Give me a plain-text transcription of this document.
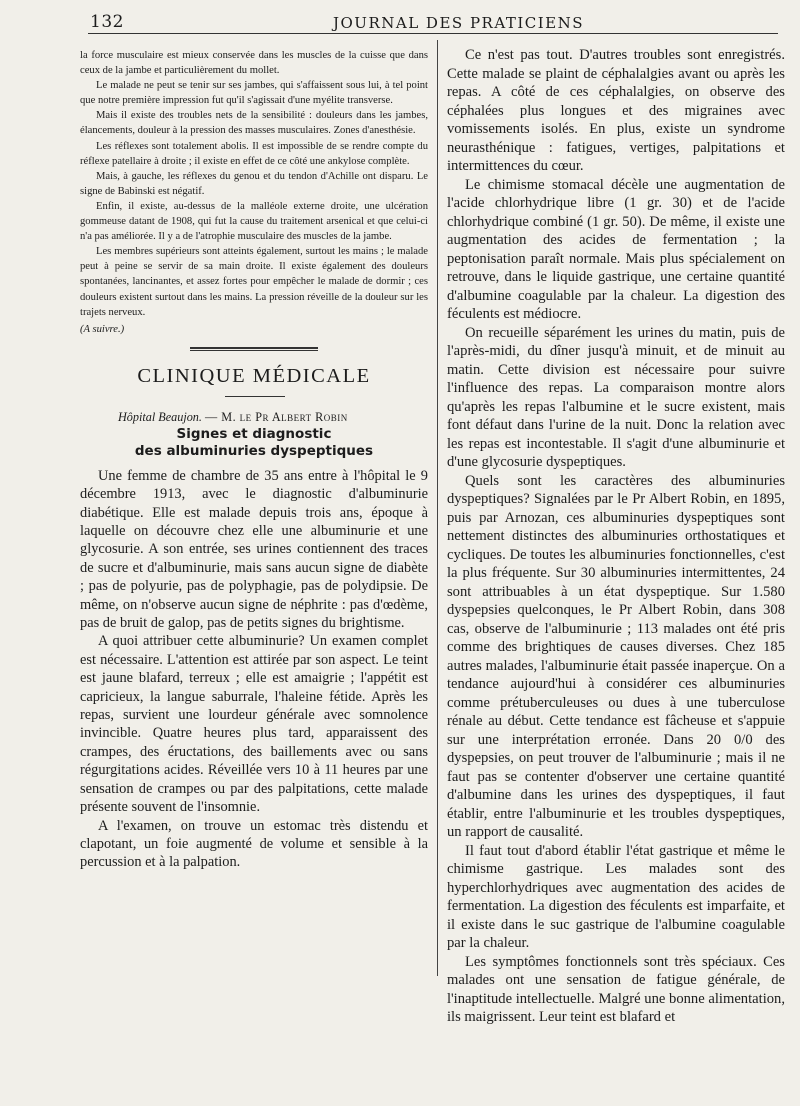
132	JOURNAL DES PRATICIENS

la force musculaire est mieux conservée dans les muscles de la cuisse que dans ceux de la jambe et particulièrement du mollet.

Le malade ne peut se tenir sur ses jambes, qui s'affaissent sous lui, à tel point que notre première impression fut qu'il s'agissait d'une myélite transverse.

Mais il existe des troubles nets de la sensibilité : douleurs dans les jambes, élancements, douleur à la pression des masses musculaires. Zones d'anesthésie.

Les réflexes sont totalement abolis. Il est impossible de se rendre compte du réflexe patellaire à droite ; il existe en effet de ce côté une ankylose complète.

Mais, à gauche, les réflexes du genou et du tendon d'Achille ont disparu. Le signe de Babinski est négatif.

Enfin, il existe, au-dessus de la malléole externe droite, une ulcération gommeuse datant de 1908, qui fut la cause du traitement arsenical et que celui-ci n'a pas améliorée. Il y a de l'atrophie musculaire des muscles de la jambe.

Les membres supérieurs sont atteints également, surtout les mains ; le malade peut à peine se servir de sa main droite. Il existe également des douleurs spontanées, lancinantes, et assez fortes pour empêcher le malade de dormir ; ces douleurs existent surtout dans les mains. La pression réveille de la douleur sur les trajets nerveux.

(A suivre.)

CLINIQUE MÉDICALE
Hôpital Beaujon. — M. le Pr Albert Robin
Signes et diagnostic
des albuminuries dyspeptiques

Une femme de chambre de 35 ans entre à l'hôpital le 9 décembre 1913, avec le diagnostic d'albuminurie diabétique. Elle est malade depuis trois ans, époque à laquelle on découvre chez elle une albuminurie et une glycosurie. A son entrée, ses urines contiennent des traces de sucre et d'albuminurie, mais sans aucun signe de diabète ; pas de polyurie, pas de polyphagie, pas de polydipsie. De même, on n'observe aucun signe de néphrite : pas d'œdème, pas de bruit de galop, pas de petits signes du brightisme.

A quoi attribuer cette albuminurie? Un examen complet est nécessaire. L'attention est attirée par son aspect. Le teint est jaune blafard, terreux ; elle est amaigrie ; l'appétit est capricieux, la langue saburrale, l'haleine fétide. Après les repas, survient une lourdeur générale avec somnolence invincible. Quatre heures plus tard, apparaissent des crampes, des éructations, des baillements avec ou sans régurgitations acides. Réveillée vers 10 à 11 heures par une sensation de crampes ou par des palpitations, cette malade présente souvent de l'insomnie.

A l'examen, on trouve un estomac très distendu et clapotant, un foie augmenté de volume et sensible à la percussion et à la palpation.

Ce n'est pas tout. D'autres troubles sont enregistrés. Cette malade se plaint de céphalalgies avant ou après les repas. A côté de ces céphalalgies, on observe des céphalées plus longues et des migraines avec vomissements isolés. En plus, existe un syndrome neurasthénique : fatigues, vertiges, palpitations et intermittences du cœur.

Le chimisme stomacal décèle une augmentation de l'acide chlorhydrique libre (1 gr. 30) et de l'acide chlorhydrique combiné (1 gr. 50). De même, il existe une augmentation des acides de fermentation ; la peptonisation paraît normale. Mais plus spécialement on retrouve, dans le liquide gastrique, une certaine quantité d'albumine coagulable par la chaleur. La digestion des féculents est médiocre.

On recueille séparément les urines du matin, puis de l'après-midi, du dîner jusqu'à minuit, et de minuit au matin. Cette division est nécessaire pour suivre l'influence des repas. La comparaison montre alors qu'après les repas l'albumine et le sucre existent, mais font défaut dans l'urine de la nuit. Donc la relation avec les repas est incontestable. Il s'agit d'une albuminurie et d'une glycosurie dyspeptiques.

Quels sont les caractères des albuminuries dyspeptiques? Signalées par le Pr Albert Robin, en 1895, puis par Arnozan, ces albuminuries dyspeptiques sont nettement distinctes des albuminuries orthostatiques et cycliques. De toutes les albuminuries fonctionnelles, c'est la plus fréquente. Sur 30 albuminuries intermittentes, 24 sont attribuables à un état dyspeptique. Sur 1.580 dyspepsies quelconques, le Pr Albert Robin, dans 308 cas, observe de l'albuminurie ; 113 malades ont été pris comme des brightiques de causes diverses. Chez 185 autres malades, l'albuminurie était passée inaperçue. On a tendance aujourd'hui à considérer ces albuminuries comme prétuberculeuses ou dues à une tuberculose rénale au début. Cette tendance est fâcheuse et s'appuie sur une interprétation erronée. Dans 20 0/0 des dyspepsies, on peut trouver de l'albuminurie ; mais il ne faut pas se contenter d'observer une certaine quantité d'albumine dans les urines des dyspeptiques, il faut établir, entre l'albuminurie et les troubles dyspeptiques, un rapport de causalité.

Il faut tout d'abord établir l'état gastrique et même le chimisme gastrique. Les malades sont des hyperchlorhydriques avec augmentation des acides de fermentation. La digestion des féculents est imparfaite, et il existe dans le suc gastrique de l'albumine coagulable par la chaleur.

Les symptômes fonctionnels sont très spéciaux. Ces malades ont une sensation de fatigue générale, de l'inaptitude intellectuelle. Malgré une bonne alimentation, ils maigrissent. Leur teint est blafard et
